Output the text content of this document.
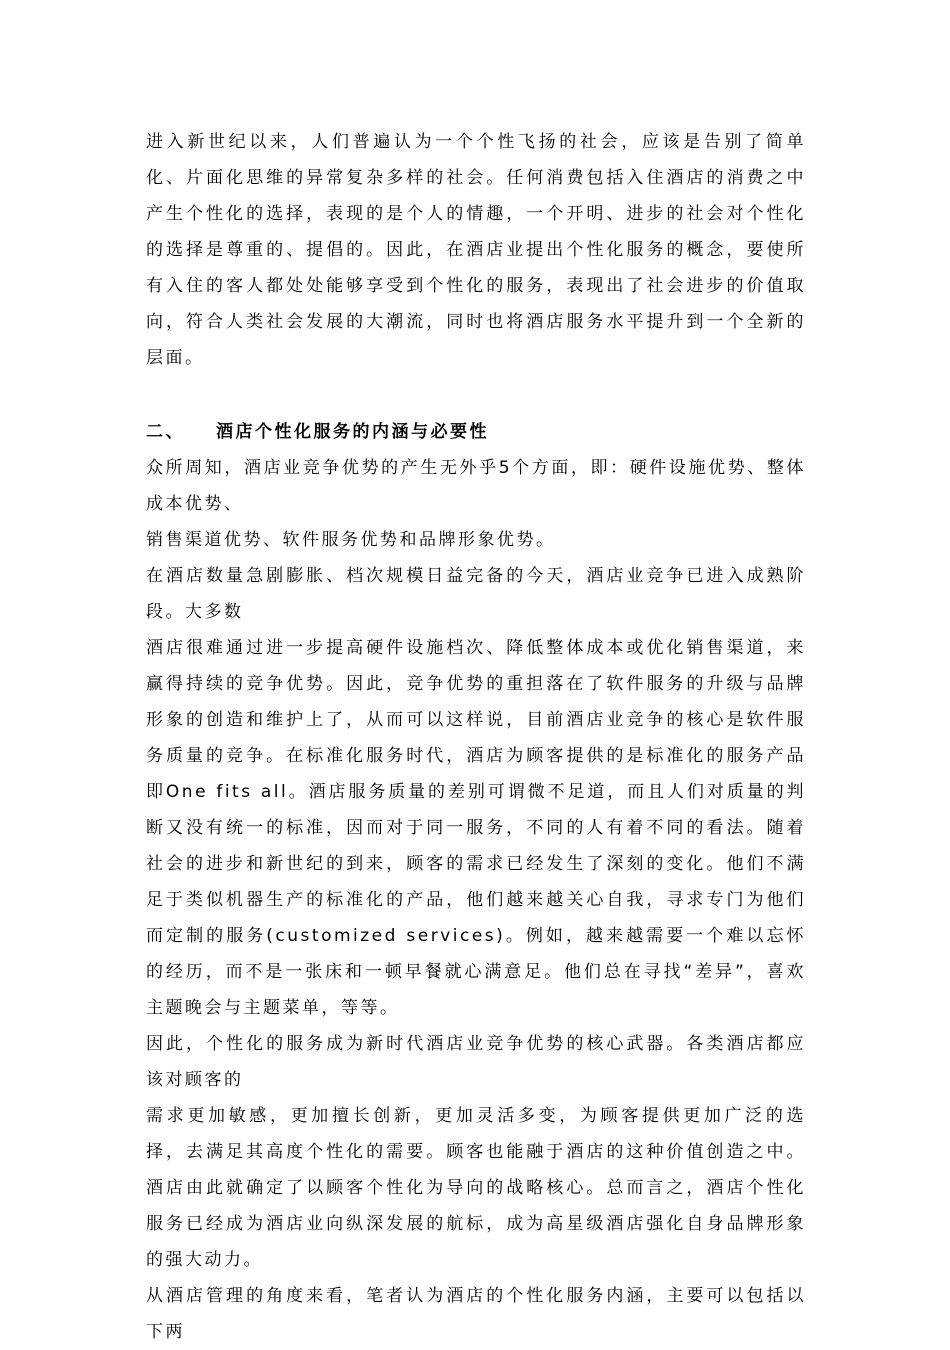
进入新世纪以来，人们普遍认为一个个性飞扬的社会，应该是告别了简单化、片面化思维的异常复杂多样的社会。任何消费包括入住酒店的消费之中产生个性化的选择，表现的是个人的情趣，一个开明、进步的社会对个性化的选择是尊重的、提倡的。因此，在酒店业提出个性化服务的概念，要使所有入住的客人都处处能够享受到个性化的服务，表现出了社会进步的价值取向，符合人类社会发展的大潮流，同时也将酒店服务水平提升到一个全新的层面。

二、 酒店个性化服务的内涵与必要性

众所周知，酒店业竞争优势的产生无外乎5个方面，即：硬件设施优势、整体成本优势、

销售渠道优势、软件服务优势和品牌形象优势。

在酒店数量急剧膨胀、档次规模日益完备的今天，酒店业竞争已进入成熟阶段。大多数

酒店很难通过进一步提高硬件设施档次、降低整体成本或优化销售渠道，来赢得持续的竞争优势。因此，竞争优势的重担落在了软件服务的升级与品牌形象的创造和维护上了，从而可以这样说，目前酒店业竞争的核心是软件服务质量的竞争。在标准化服务时代，酒店为顾客提供的是标准化的服务产品即One fits all。酒店服务质量的差别可谓微不足道，而且人们对质量的判断又没有统一的标准，因而对于同一服务，不同的人有着不同的看法。随着社会的进步和新世纪的到来，顾客的需求已经发生了深刻的变化。他们不满足于类似机器生产的标准化的产品，他们越来越关心自我，寻求专门为他们而定制的服务(customized services)。例如，越来越需要一个难以忘怀的经历，而不是一张床和一顿早餐就心满意足。他们总在寻找“差异”，喜欢主题晚会与主题菜单，等等。

因此，个性化的服务成为新时代酒店业竞争优势的核心武器。各类酒店都应该对顾客的

需求更加敏感，更加擅长创新，更加灵活多变，为顾客提供更加广泛的选择，去满足其高度个性化的需要。顾客也能融于酒店的这种价值创造之中。酒店由此就确定了以顾客个性化为导向的战略核心。总而言之，酒店个性化服务已经成为酒店业向纵深发展的航标，成为高星级酒店强化自身品牌形象的强大动力。

从酒店管理的角度来看，笔者认为酒店的个性化服务内涵，主要可以包括以下两
